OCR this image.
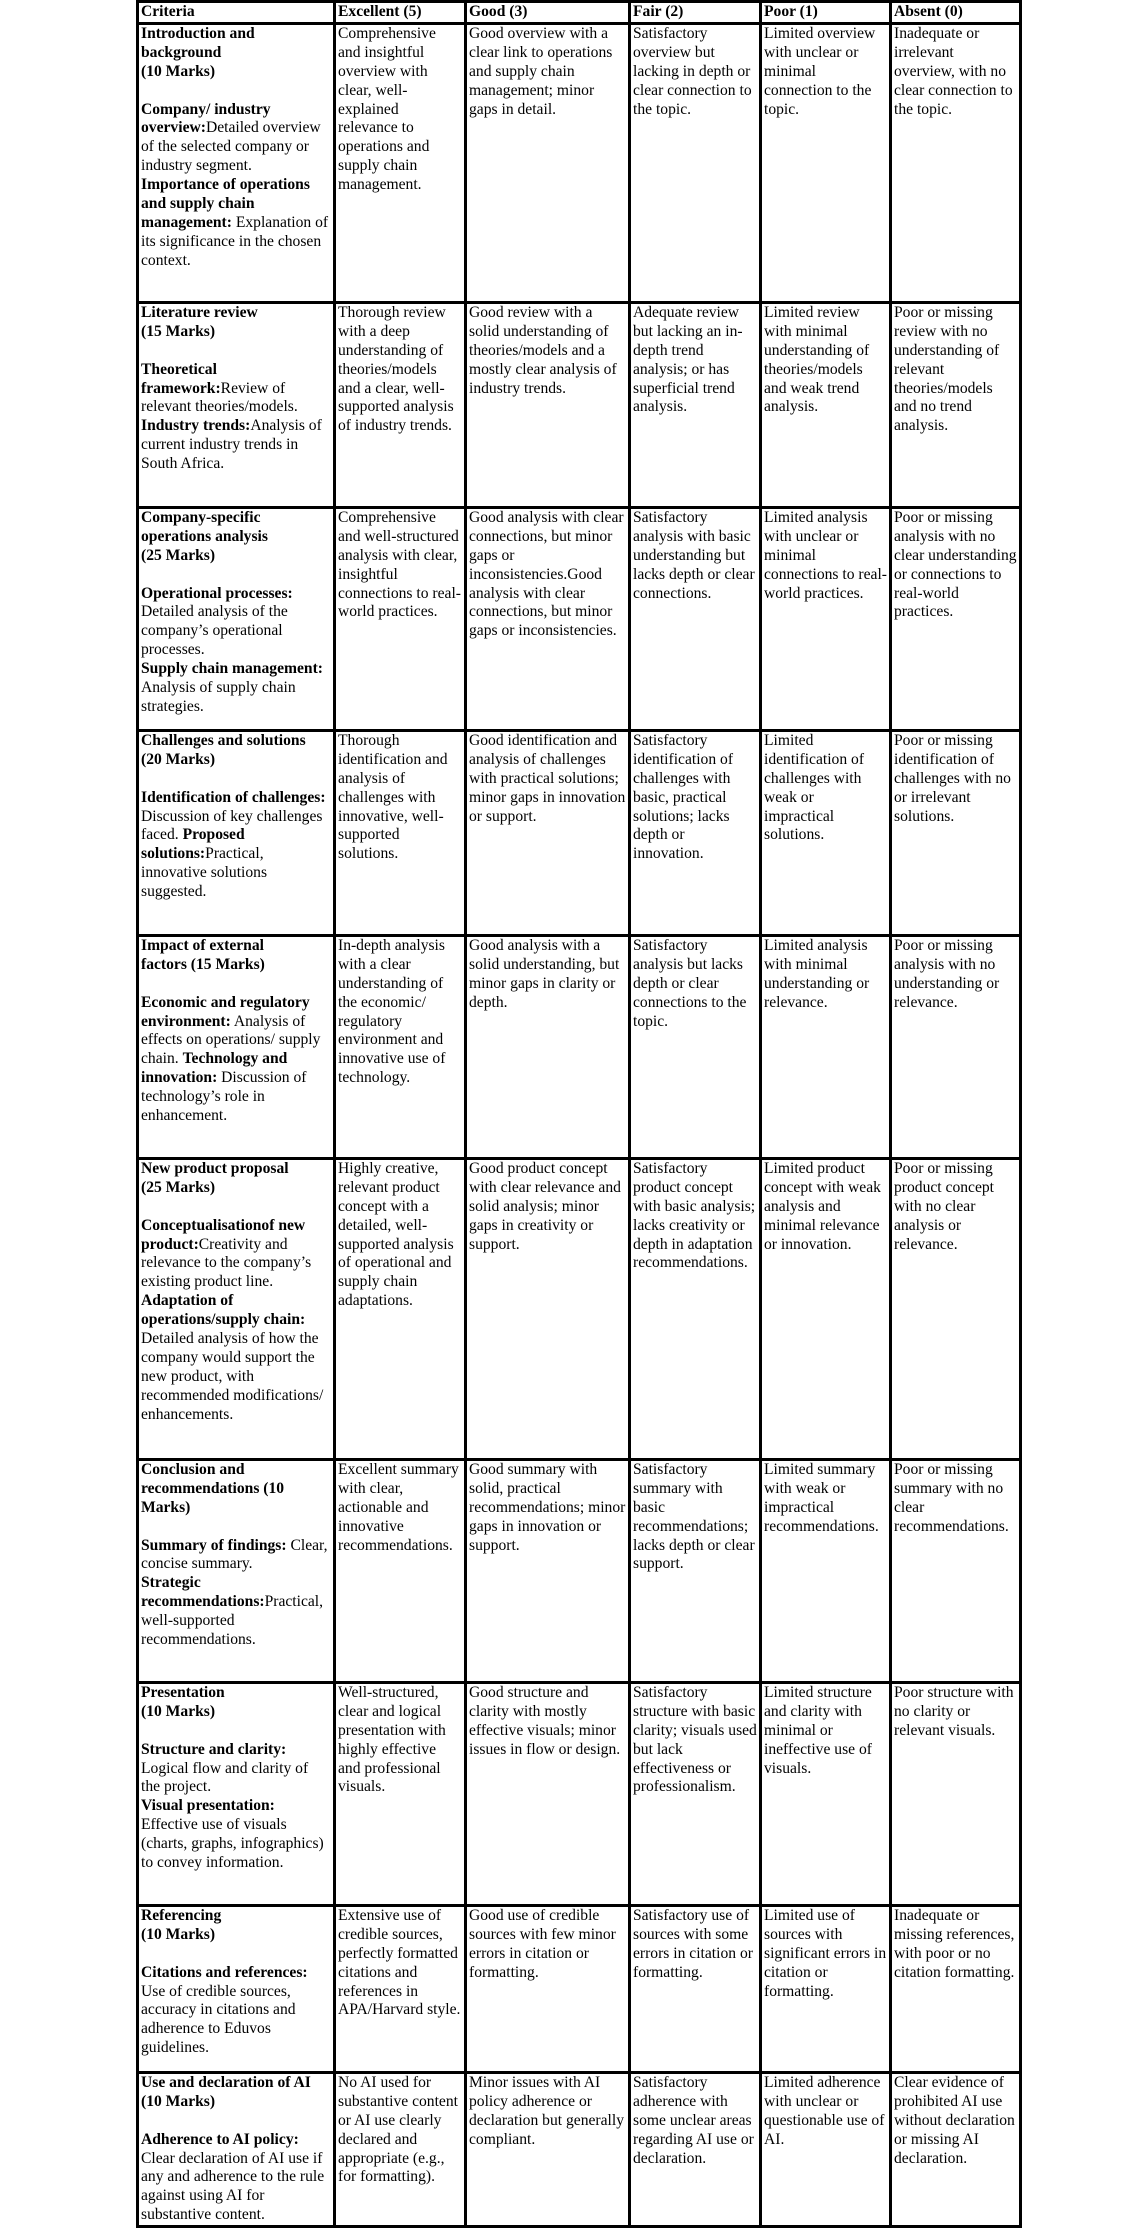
Criteria	Excellent (5)	Good (3)	Fair (2)	Poor (1)	Absent (0)

Introduction and
background
(10 Marks)
Company/ industry overview:Detailed overview of the selected company or industry segment.
Importance of operations and supply chain management: Explanation of its significance in the chosen context.	Comprehensive and insightful overview with clear, well-explained relevance to operations and supply chain management.	Good overview with a clear link to operations and supply chain management; minor gaps in detail.	Satisfactory overview but lacking in depth or clear connection to the topic.	Limited overview with unclear or minimal connection to the topic.	Inadequate or irrelevant overview, with no clear connection to the topic.

Literature review
(15 Marks)
Theoretical framework:Review of relevant theories/models. Industry trends:Analysis of current industry trends in South Africa.	Thorough review with a deep understanding of theories/models and a clear, well-supported analysis of industry trends.	Good review with a solid understanding of theories/models and a mostly clear analysis of industry trends.	Adequate review but lacking an in-depth trend analysis; or has superficial trend analysis.	Limited review with minimal understanding of theories/models and weak trend analysis.	Poor or missing review with no understanding of relevant theories/models and no trend analysis.

Company-specific
operations analysis
(25 Marks)
Operational processes: Detailed analysis of the company’s operational processes.
Supply chain management: Analysis of supply chain strategies.	Comprehensive and well-structured analysis with clear, insightful connections to real-world practices.	Good analysis with clear connections, but minor gaps or inconsistencies.Good analysis with clear connections, but minor gaps or inconsistencies.	Satisfactory analysis with basic understanding but lacks depth or clear connections.	Limited analysis with unclear or minimal connections to real-world practices.	Poor or missing analysis with no clear understanding or connections to real-world practices.

Challenges and solutions
(20 Marks)
Identification of challenges: Discussion of key challenges faced. Proposed solutions:Practical, innovative solutions suggested.	Thorough identification and analysis of challenges with innovative, well-supported solutions.	Good identification and analysis of challenges with practical solutions; minor gaps in innovation or support.	Satisfactory identification of challenges with basic, practical solutions; lacks depth or innovation.	Limited identification of challenges with weak or impractical solutions.	Poor or missing identification of challenges with no or irrelevant solutions.

Impact of external
factors (15 Marks)
Economic and regulatory environment: Analysis of effects on operations/ supply chain. Technology and innovation: Discussion of technology’s role in enhancement.	In-depth analysis with a clear understanding of the economic/ regulatory environment and innovative use of technology.	Good analysis with a solid understanding, but minor gaps in clarity or depth.	Satisfactory analysis but lacks depth or clear connections to the topic.	Limited analysis with minimal understanding or relevance.	Poor or missing analysis with no understanding or relevance.

New product proposal
(25 Marks)
Conceptualisationof new product:Creativity and relevance to the company’s existing product line.
Adaptation of operations/supply chain: Detailed analysis of how the company would support the new product, with recommended modifications/ enhancements.	Highly creative, relevant product concept with a detailed, well-supported analysis of operational and supply chain adaptations.	Good product concept with clear relevance and solid analysis; minor gaps in creativity or support.	Satisfactory product concept with basic analysis; lacks creativity or depth in adaptation recommendations.	Limited product concept with weak analysis and minimal relevance or innovation.	Poor or missing product concept with no clear analysis or relevance.

Conclusion and
recommendations (10
Marks)
Summary of findings: Clear, concise summary.
Strategic recommendations:Practical, well-supported recommendations.	Excellent summary with clear, actionable and innovative recommendations.	Good summary with solid, practical recommendations; minor gaps in innovation or support.	Satisfactory summary with basic recommendations; lacks depth or clear support.	Limited summary with weak or impractical recommendations.	Poor or missing summary with no clear recommendations.

Presentation
(10 Marks)
Structure and clarity: Logical flow and clarity of the project.
Visual presentation: Effective use of visuals (charts, graphs, infographics) to convey information.	Well-structured, clear and logical presentation with highly effective and professional visuals.	Good structure and clarity with mostly effective visuals; minor issues in flow or design.	Satisfactory structure with basic clarity; visuals used but lack effectiveness or professionalism.	Limited structure and clarity with minimal or ineffective use of visuals.	Poor structure with no clarity or relevant visuals.

Referencing
(10 Marks)
Citations and references: Use of credible sources, accuracy in citations and adherence to Eduvos guidelines.	Extensive use of credible sources, perfectly formatted citations and references in APA/Harvard style.	Good use of credible sources with few minor errors in citation or formatting.	Satisfactory use of sources with some errors in citation or formatting.	Limited use of sources with significant errors in citation or formatting.	Inadequate or missing references, with poor or no citation formatting.

Use and declaration of AI
(10 Marks)
Adherence to AI policy: Clear declaration of AI use if any and adherence to the rule against using AI for substantive content.	No AI used for substantive content or AI use clearly declared and appropriate (e.g., for formatting).	Minor issues with AI policy adherence or declaration but generally compliant.	Satisfactory adherence with some unclear areas regarding AI use or declaration.	Limited adherence with unclear or questionable use of AI.	Clear evidence of prohibited AI use without declaration or missing AI declaration.
